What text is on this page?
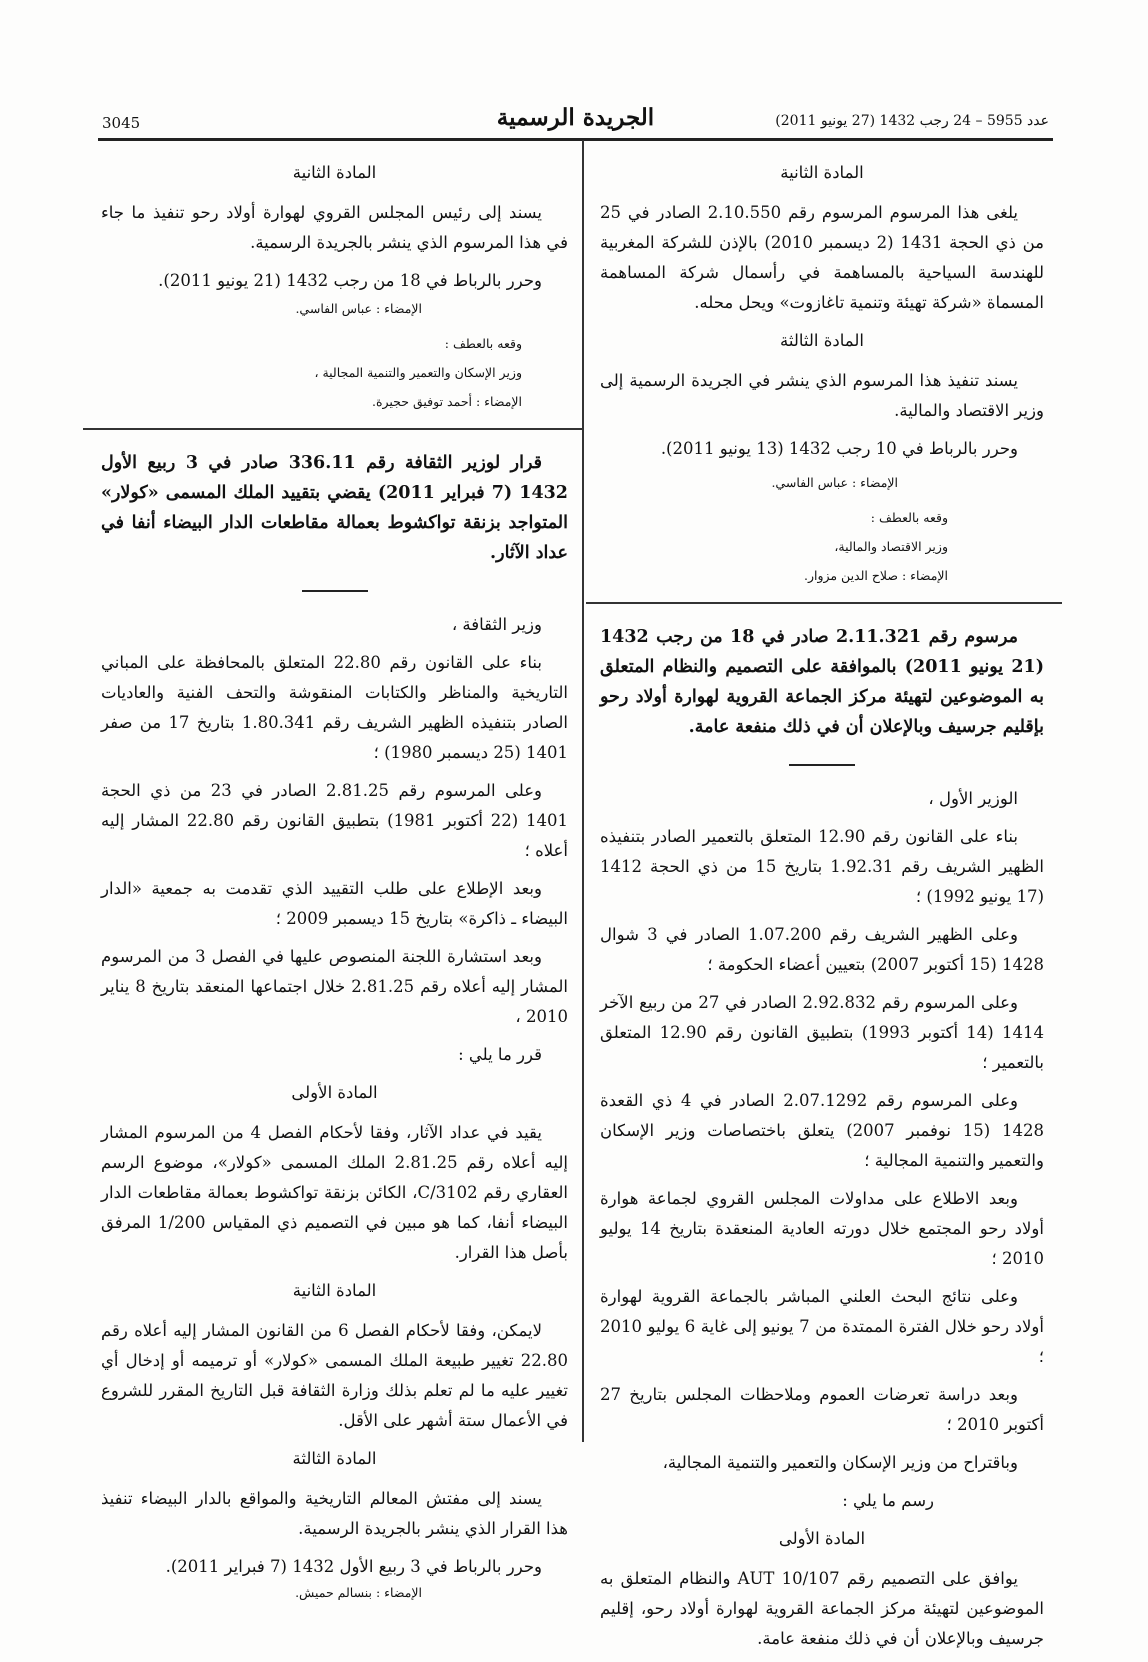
3045	الجريدة الرسمية	عدد 5955 – 24 رجب 1432 (27 يونيو 2011)
المادة الثانية

يلغى هذا المرسوم المرسوم رقم 2.10.550 الصادر في 25 من ذي الحجة 1431 (2 ديسمبر 2010) بالإذن للشركة المغربية للهندسة السياحية بالمساهمة في رأسمال شركة المساهمة المسماة «شركة تهيئة وتنمية تاغازوت» ويحل محله.

المادة الثالثة

يسند تنفيذ هذا المرسوم الذي ينشر في الجريدة الرسمية إلى وزير الاقتصاد والمالية.

وحرر بالرباط في 10 رجب 1432 (13 يونيو 2011).

الإمضاء : عباس الفاسي.

وقعه بالعطف :

وزير الاقتصاد والمالية،

الإمضاء : صلاح الدين مزوار.

مرسوم رقم 2.11.321 صادر في 18 من رجب 1432 (21 يونيو 2011) بالموافقة على التصميم والنظام المتعلق به الموضوعين لتهيئة مركز الجماعة القروية لهوارة أولاد رحو بإقليم جرسيف وبالإعلان أن في ذلك منفعة عامة.

الوزير الأول ،

بناء على القانون رقم 12.90 المتعلق بالتعمير الصادر بتنفيذه الظهير الشريف رقم 1.92.31 بتاريخ 15 من ذي الحجة 1412 (17 يونيو 1992) ؛

وعلى الظهير الشريف رقم 1.07.200 الصادر في 3 شوال 1428 (15 أكتوبر 2007) بتعيين أعضاء الحكومة ؛

وعلى المرسوم رقم 2.92.832 الصادر في 27 من ربيع الآخر 1414 (14 أكتوبر 1993) بتطبيق القانون رقم 12.90 المتعلق بالتعمير ؛

وعلى المرسوم رقم 2.07.1292 الصادر في 4 ذي القعدة 1428 (15 نوفمبر 2007) يتعلق باختصاصات وزير الإسكان والتعمير والتنمية المجالية ؛

وبعد الاطلاع على مداولات المجلس القروي لجماعة هوارة أولاد رحو المجتمع خلال دورته العادية المنعقدة بتاريخ 14 يوليو 2010 ؛

وعلى نتائج البحث العلني المباشر بالجماعة القروية لهوارة أولاد رحو خلال الفترة الممتدة من 7 يونيو إلى غاية 6 يوليو 2010 ؛

وبعد دراسة تعرضات العموم وملاحظات المجلس بتاريخ 27 أكتوبر 2010 ؛

وباقتراح من وزير الإسكان والتعمير والتنمية المجالية،

رسم ما يلي :

المادة الأولى

يوافق على التصميم رقم AUT 10/107 والنظام المتعلق به الموضوعين لتهيئة مركز الجماعة القروية لهوارة أولاد رحو، إقليم جرسيف وبالإعلان أن في ذلك منفعة عامة.

المادة الثانية

يسند إلى رئيس المجلس القروي لهوارة أولاد رحو تنفيذ ما جاء في هذا المرسوم الذي ينشر بالجريدة الرسمية.

وحرر بالرباط في 18 من رجب 1432 (21 يونيو 2011).

الإمضاء : عباس الفاسي.

وقعه بالعطف :

وزير الإسكان والتعمير والتنمية المجالية ،

الإمضاء : أحمد توفيق حجيرة.

قرار لوزير الثقافة رقم 336.11 صادر في 3 ربيع الأول 1432 (7 فبراير 2011) يقضي بتقييد الملك المسمى «كولار» المتواجد بزنقة تواكشوط بعمالة مقاطعات الدار البيضاء أنفا في عداد الآثار.

وزير الثقافة ،

بناء على القانون رقم 22.80 المتعلق بالمحافظة على المباني التاريخية والمناظر والكتابات المنقوشة والتحف الفنية والعاديات الصادر بتنفيذه الظهير الشريف رقم 1.80.341 بتاريخ 17 من صفر 1401 (25 ديسمبر 1980) ؛

وعلى المرسوم رقم 2.81.25 الصادر في 23 من ذي الحجة 1401 (22 أكتوبر 1981) بتطبيق القانون رقم 22.80 المشار إليه أعلاه ؛

وبعد الإطلاع على طلب التقييد الذي تقدمت به جمعية «الدار البيضاء ـ ذاكرة» بتاريخ 15 ديسمبر 2009 ؛

وبعد استشارة اللجنة المنصوص عليها في الفصل 3 من المرسوم المشار إليه أعلاه رقم 2.81.25 خلال اجتماعها المنعقد بتاريخ 8 يناير 2010 ،

قرر ما يلي :

المادة الأولى

يقيد في عداد الآثار، وفقا لأحكام الفصل 4 من المرسوم المشار إليه أعلاه رقم 2.81.25 الملك المسمى «كولار»، موضوع الرسم العقاري رقم C/3102، الكائن بزنقة تواكشوط بعمالة مقاطعات الدار البيضاء أنفا، كما هو مبين في التصميم ذي المقياس 1/200 المرفق بأصل هذا القرار.

المادة الثانية

لايمكن، وفقا لأحكام الفصل 6 من القانون المشار إليه أعلاه رقم 22.80 تغيير طبيعة الملك المسمى «كولار» أو ترميمه أو إدخال أي تغيير عليه ما لم تعلم بذلك وزارة الثقافة قبل التاريخ المقرر للشروع في الأعمال ستة أشهر على الأقل.

المادة الثالثة

يسند إلى مفتش المعالم التاريخية والمواقع بالدار البيضاء تنفيذ هذا القرار الذي ينشر بالجريدة الرسمية.

وحرر بالرباط في 3 ربيع الأول 1432 (7 فبراير 2011).

الإمضاء : بنسالم حميش.
